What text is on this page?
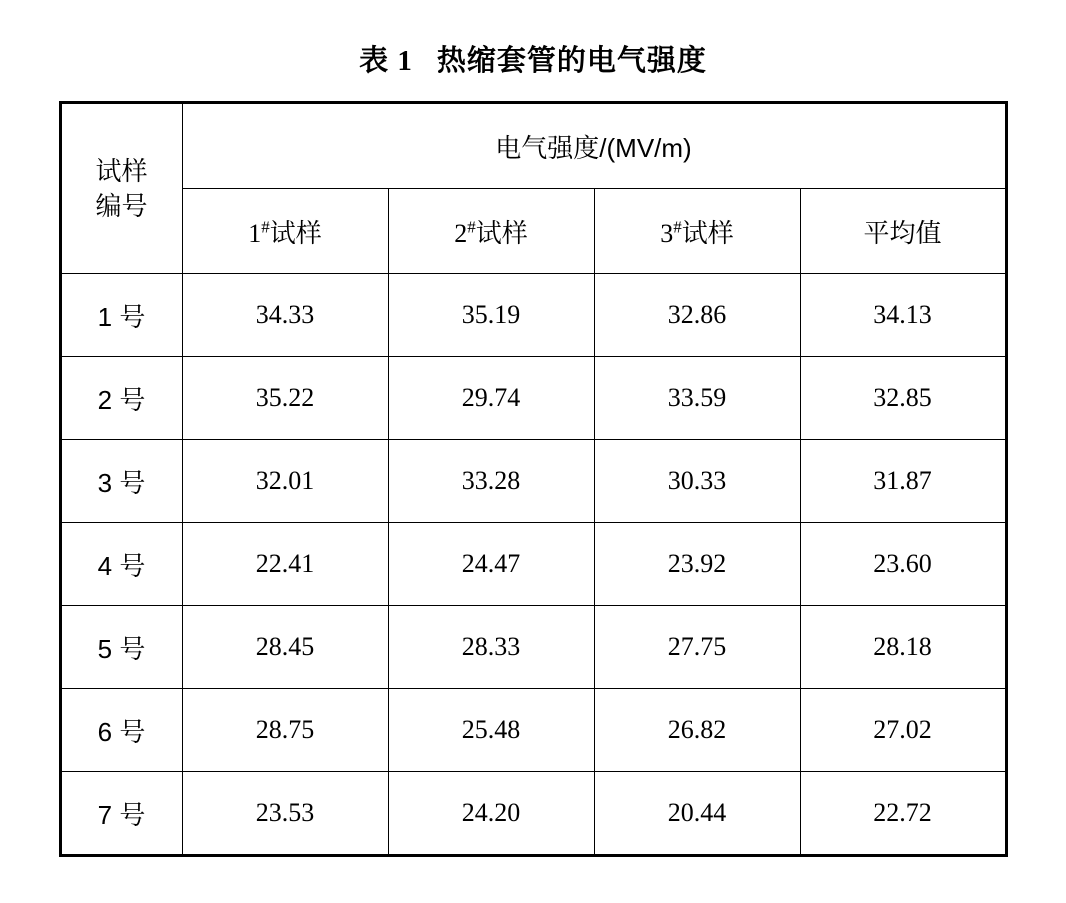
表 1 热缩套管的电气强度
试样
编号	电气强度/(MV/m)			
	1#试样	2#试样	3#试样	平均值
1 号	34.33	35.19	32.86	34.13
2 号	35.22	29.74	33.59	32.85
3 号	32.01	33.28	30.33	31.87
4 号	22.41	24.47	23.92	23.60
5 号	28.45	28.33	27.75	28.18
6 号	28.75	25.48	26.82	27.02
7 号	23.53	24.20	20.44	22.72
